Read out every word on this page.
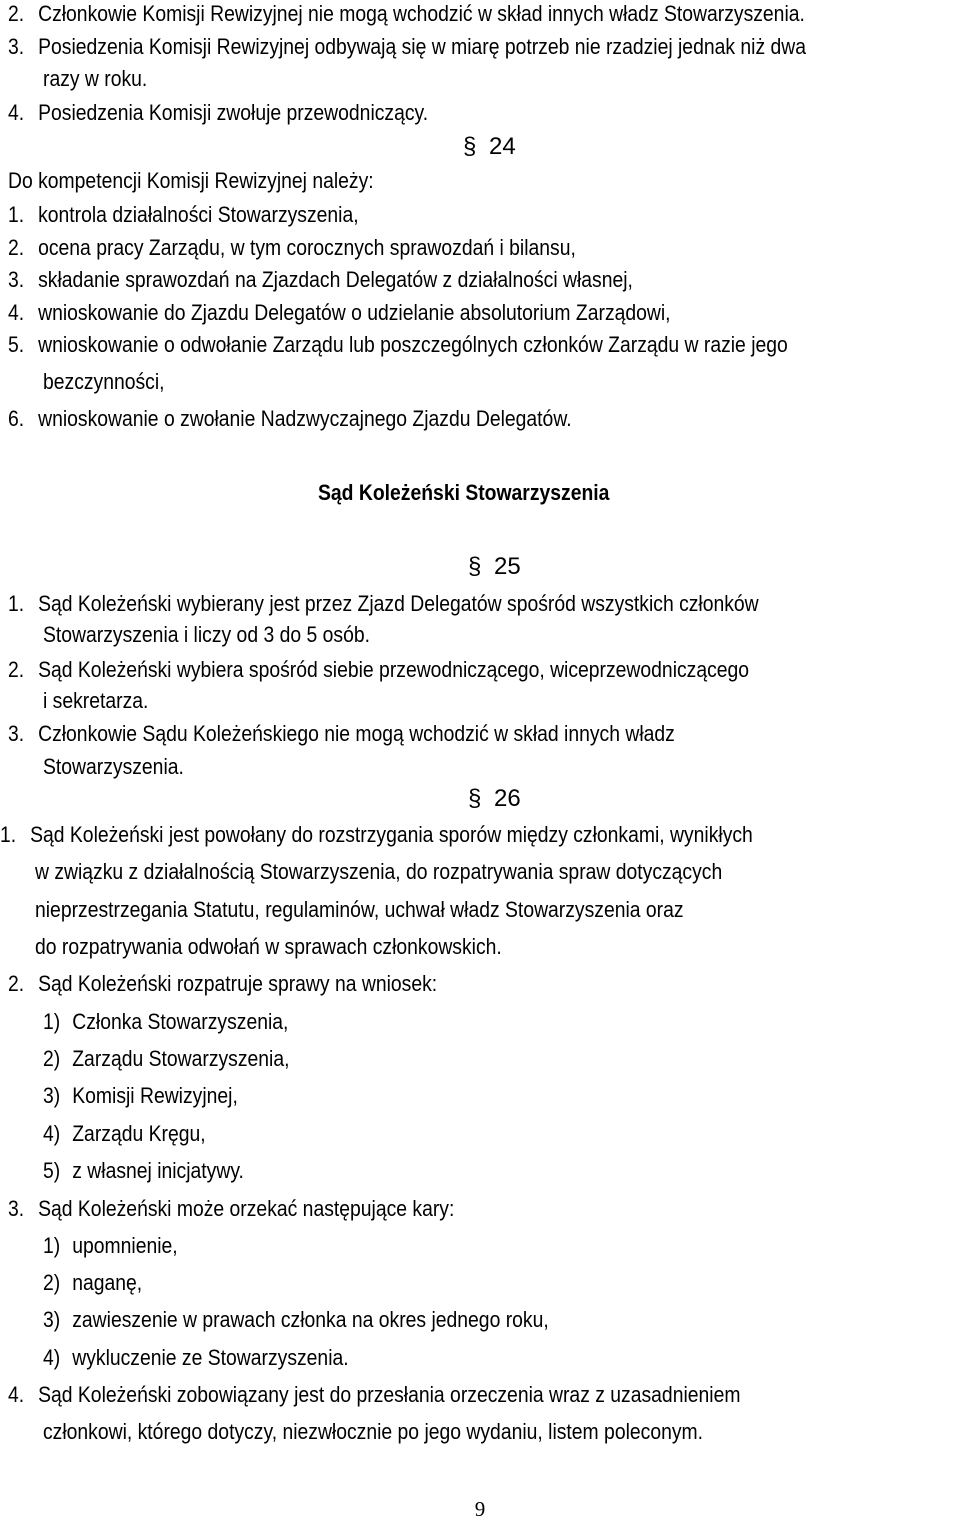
2. Członkowie Komisji Rewizyjnej nie mogą wchodzić w skład innych władz Stowarzyszenia.
3. Posiedzenia Komisji Rewizyjnej odbywają się w miarę potrzeb nie rzadziej jednak niż dwa
razy w roku.
4. Posiedzenia Komisji zwołuje przewodniczący.
§ 24
Do kompetencji Komisji Rewizyjnej należy:
1. kontrola działalności Stowarzyszenia,
2. ocena pracy Zarządu, w tym corocznych sprawozdań i bilansu,
3. składanie sprawozdań na Zjazdach Delegatów z działalności własnej,
4. wnioskowanie do Zjazdu Delegatów o udzielanie absolutorium Zarządowi,
5. wnioskowanie o odwołanie Zarządu lub poszczególnych członków Zarządu w razie jego
bezczynności,
6. wnioskowanie o zwołanie Nadzwyczajnego Zjazdu Delegatów.
Sąd Koleżeński Stowarzyszenia
§ 25
1. Sąd Koleżeński wybierany jest przez Zjazd Delegatów spośród wszystkich członków
Stowarzyszenia i liczy od 3 do 5 osób.
2. Sąd Koleżeński wybiera spośród siebie przewodniczącego, wiceprzewodniczącego
i sekretarza.
3. Członkowie Sądu Koleżeńskiego nie mogą wchodzić w skład innych władz
Stowarzyszenia.
§ 26
1. Sąd Koleżeński jest powołany do rozstrzygania sporów między członkami, wynikłych
w związku z działalnością Stowarzyszenia, do rozpatrywania spraw dotyczących
nieprzestrzegania Statutu, regulaminów, uchwał władz Stowarzyszenia oraz
do rozpatrywania odwołań w sprawach członkowskich.
2. Sąd Koleżeński rozpatruje sprawy na wniosek:
1) Członka Stowarzyszenia,
2) Zarządu Stowarzyszenia,
3) Komisji Rewizyjnej,
4) Zarządu Kręgu,
5) z własnej inicjatywy.
3. Sąd Koleżeński może orzekać następujące kary:
1) upomnienie,
2) naganę,
3) zawieszenie w prawach członka na okres jednego roku,
4) wykluczenie ze Stowarzyszenia.
4. Sąd Koleżeński zobowiązany jest do przesłania orzeczenia wraz z uzasadnieniem
członkowi, którego dotyczy, niezwłocznie po jego wydaniu, listem poleconym.
9
